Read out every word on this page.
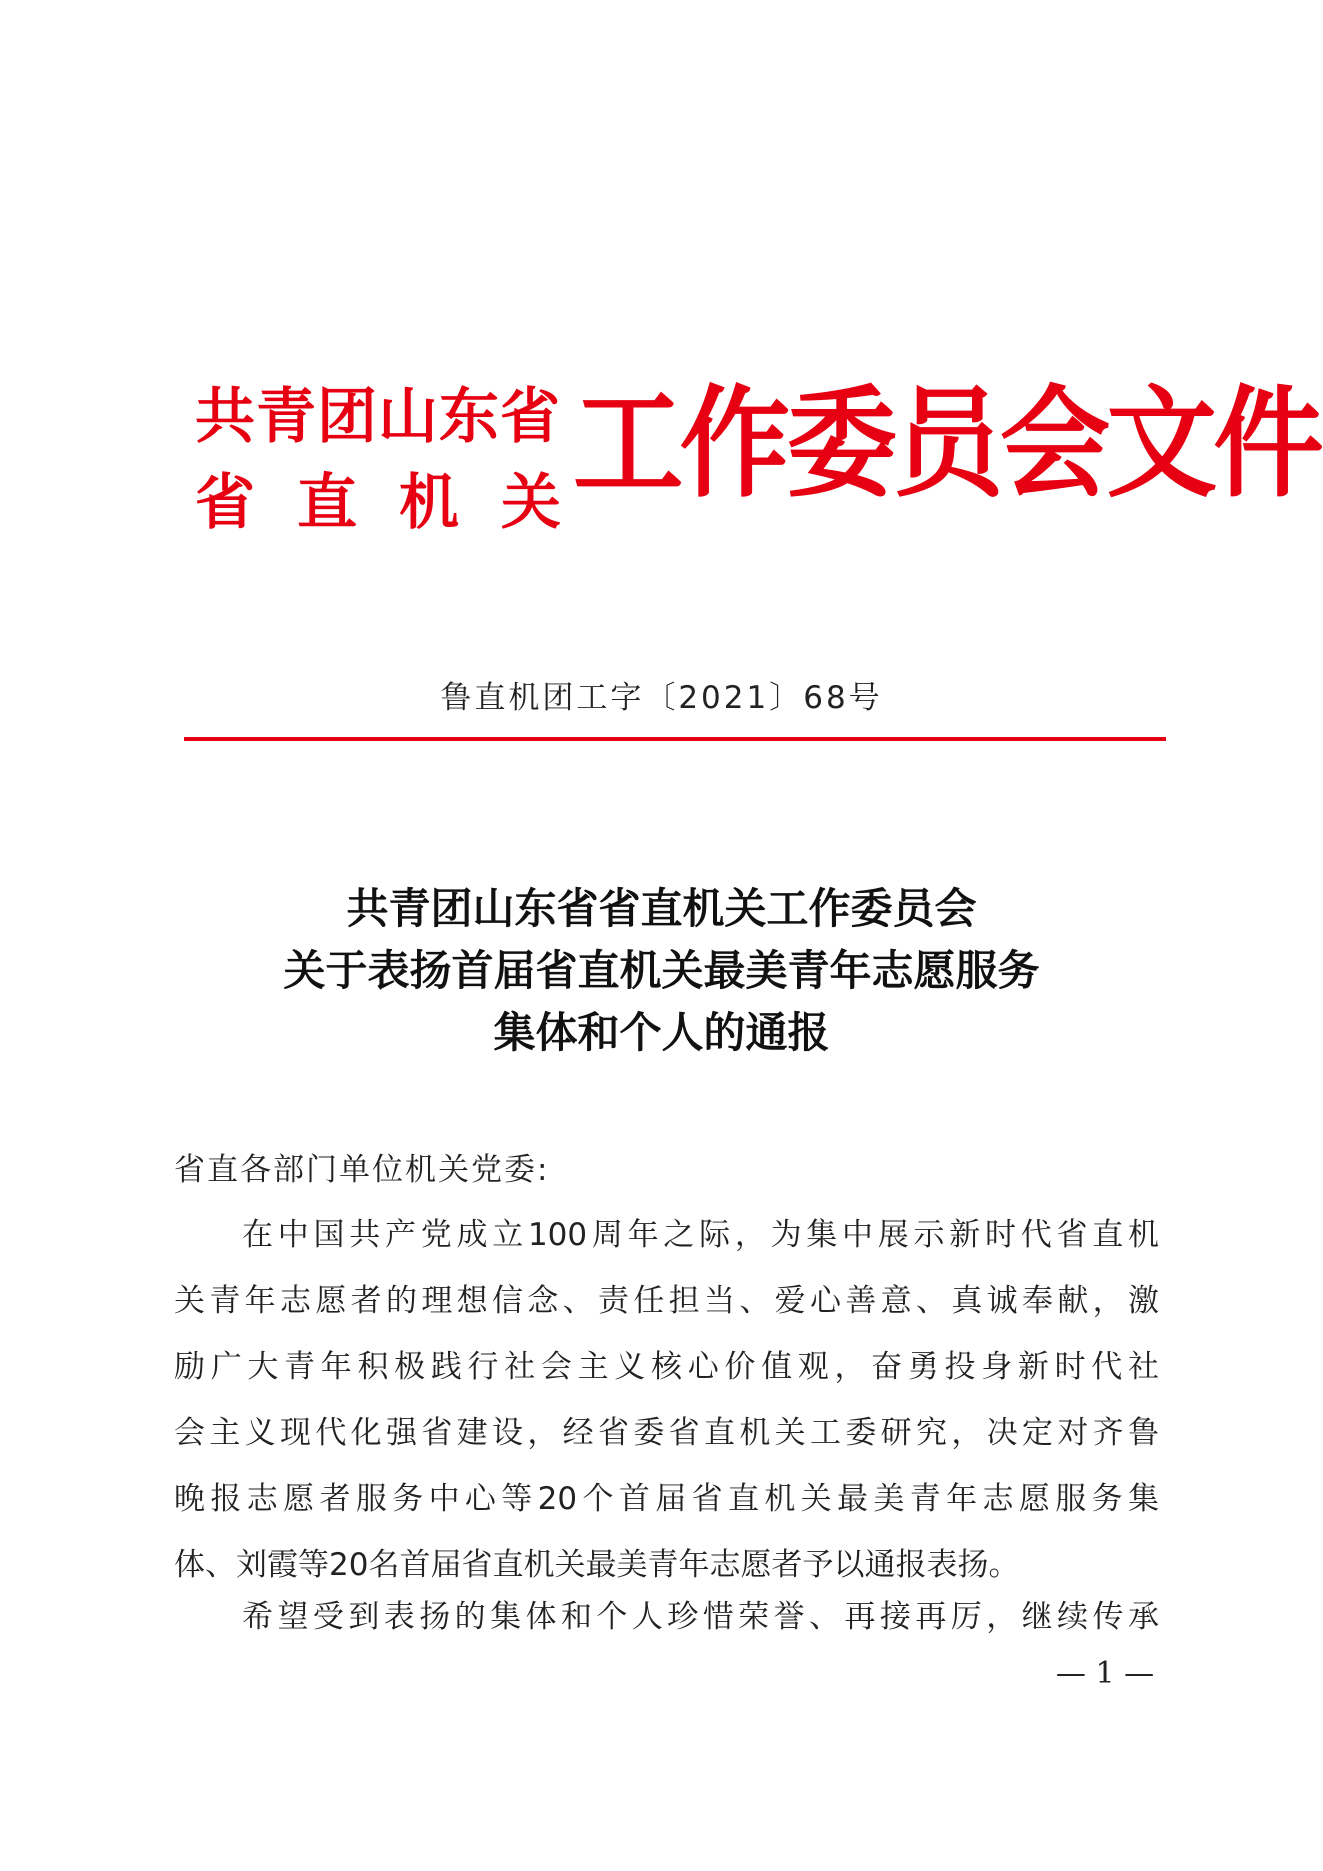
共青团山东省
省直机关
工作委员会文件
鲁直机团工字〔2021〕68号
共青团山东省省直机关工作委员会
关于表扬首届省直机关最美青年志愿服务
集体和个人的通报
省直各部门单位机关党委:
在中国共产党成立100周年之际，为集中展示新时代省直机
关青年志愿者的理想信念、责任担当、爱心善意、真诚奉献，激
励广大青年积极践行社会主义核心价值观，奋勇投身新时代社
会主义现代化强省建设，经省委省直机关工委研究，决定对齐鲁
晚报志愿者服务中心等20个首届省直机关最美青年志愿服务集
体、刘霞等20名首届省直机关最美青年志愿者予以通报表扬。
希望受到表扬的集体和个人珍惜荣誉、再接再厉，继续传承
— 1 —
